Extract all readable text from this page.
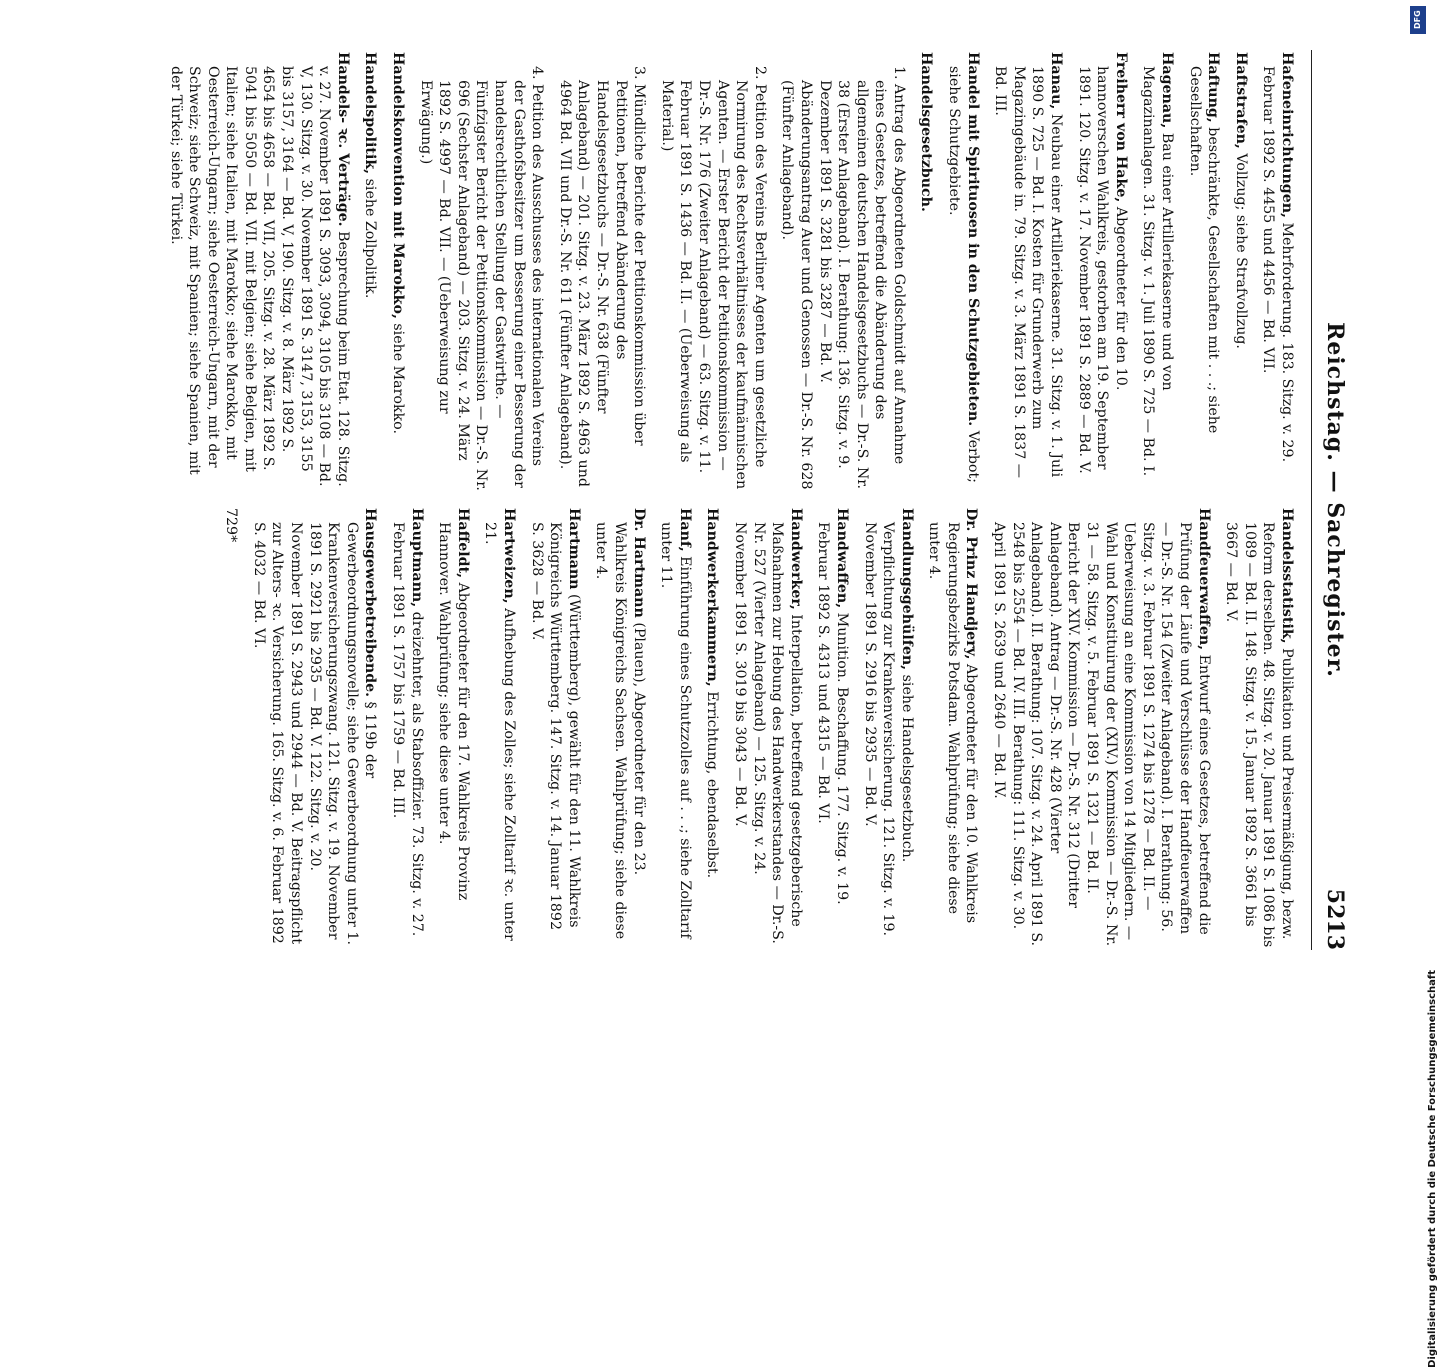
Reichstag. — Sachregister.
5213
Hafeneinrichtungen, Mehrforderung. 183. Sitzg. v. 29. Februar 1892 S. 4455 und 4456 — Bd. VII.
Haftstrafen, Vollzug; siehe Strafvollzug.
Haftung, beschränkte, Gesellschaften mit . . .; siehe Gesellschaften.
Hagenau, Bau einer Artilleriekaserne und von Magazinanlagen. 31. Sitzg. v. 1. Juli 1890 S. 725 — Bd. I.
Freiherr von Hake, Abgeordneter für den 10. hannoverschen Wahlkreis, gestorben am 19. September 1891. 120. Sitzg. v. 17. November 1891 S. 2889 — Bd. V.
Hanau, Neubau einer Artilleriekaserne. 31. Sitzg. v. 1. Juli 1890 S. 725 — Bd. I. Kosten für Grunderwerb zum Magazingebäude in. 79. Sitzg. v. 3. März 1891 S. 1837 — Bd. III.
Handel mit Spirituosen in den Schutzgebieten. Verbot; siehe Schutzgebiete.
Handelsgesetzbuch.
1. Antrag des Abgeordneten Goldschmidt auf Annahme eines Gesetzes, betreffend die Abänderung des allgemeinen deutschen Handelsgesetzbuchs — Dr.-S. Nr. 38 (Erster Anlageband). I. Berathung: 136. Sitzg. v. 9. Dezember 1891 S. 3281 bis 3287 — Bd. V. Abänderungsantrag Auer und Genossen — Dr.-S. Nr. 628 (Fünfter Anlageband).
2. Petition des Vereins Berliner Agenten um gesetzliche Normirung des Rechtsverhältnisses der kaufmännischen Agenten. — Erster Bericht der Petitionskommission — Dr.-S. Nr. 176 (Zweiter Anlageband) — 63. Sitzg. v. 11. Februar 1891 S. 1436 — Bd. II. — (Ueberweisung als Material.)
3. Mündliche Berichte der Petitionskommission über Petitionen, betreffend Abänderung des Handelsgesetzbuchs — Dr.-S. Nr. 638 (Fünfter Anlageband) — 201. Sitzg. v. 23. März 1892 S. 4963 und 4964 Bd. VII und Dr.-S. Nr. 611 (Fünfter Anlageband).
4. Petition des Ausschusses des internationalen Vereins der Gasthofsbesitzer um Besserung einer Besserung der handelsrechtlichen Stellung der Gastwirthe. — Fünfzigster Bericht der Petitionskommission — Dr.-S. Nr. 696 (Sechster Anlageband) — 203. Sitzg. v. 24. März 1892 S. 4997 — Bd. VII. — (Ueberweisung zur Erwägung.)
Handelskonvention mit Marokko, siehe Marokko.
Handelspolitik, siehe Zollpolitik.
Handels- ꝛc. Verträge. Besprechung beim Etat. 128. Sitzg. v. 27. November 1891 S. 3093, 3094, 3105 bis 3108 — Bd. V, 130. Sitzg. v. 30. November 1891 S. 3147, 3153, 3155 bis 3157, 3164 — Bd. V, 190. Sitzg. v. 8. März 1892 S. 4654 bis 4658 — Bd. VII, 205. Sitzg. v. 28. März 1892 S. 5041 bis 5050 — Bd. VII. mit Belgien; siehe Belgien, mit Italien; siehe Italien, mit Marokko; siehe Marokko, mit Oesterreich-Ungarn; siehe Oesterreich-Ungarn, mit der Schweiz; siehe Schweiz, mit Spanien; siehe Spanien, mit der Türkei; siehe Türkei.
Handelsstatistik, Publikation und Preisermäßigung, bezw. Reform derselben. 48. Sitzg. v. 20. Januar 1891 S. 1086 bis 1089 — Bd. II. 148. Sitzg. v. 15. Januar 1892 S. 3661 bis 3667 — Bd. V.
Handfeuerwaffen, Entwurf eines Gesetzes, betreffend die Prüfung der Läufe und Verschlüsse der Handfeuerwaffen — Dr.-S. Nr. 154 (Zweiter Anlageband). I. Berathung: 56. Sitzg. v. 3. Februar 1891 S. 1274 bis 1278 — Bd. II. — Ueberweisung an eine Kommission von 14 Mitgliedern. — Wahl und Konstituirung der (XIV.) Kommission — Dr.-S. Nr. 31 — 58. Sitzg. v. 5. Februar 1891 S. 1321 — Bd. II. Bericht der XIV. Kommission — Dr.-S. Nr. 312 (Dritter Anlageband). Antrag — Dr.-S. Nr. 428 (Vierter Anlageband). II. Berathung: 107. Sitzg. v. 24. April 1891 S. 2548 bis 2554 — Bd. IV. III. Berathung: 111. Sitzg. v. 30. April 1891 S. 2639 und 2640 — Bd. IV.
Dr. Prinz Handjery, Abgeordneter für den 10. Wahlkreis Regierungsbezirks Potsdam. Wahlprüfung; siehe diese unter 4.
Handlungsgehülfen, siehe Handelsgesetzbuch. Verpflichtung zur Krankenversicherung. 121. Sitzg. v. 19. November 1891 S. 2916 bis 2935 — Bd. V.
Handwaffen, Munition. Beschaffung. 177. Sitzg. v. 19. Februar 1892 S. 4313 und 4315 — Bd. VI.
Handwerker, Interpellation, betreffend gesetzgeberische Maßnahmen zur Hebung des Handwerkerstandes — Dr.-S. Nr. 527 (Vierter Anlageband) — 125. Sitzg. v. 24. November 1891 S. 3019 bis 3043 — Bd. V.
Handwerkerkammern, Errichtung, ebendaselbst.
Hanf, Einführung eines Schutzzolles auf . . .; siehe Zolltarif unter 11.
Dr. Hartmann (Plauen), Abgeordneter für den 23. Wahlkreis Königreichs Sachsen. Wahlprüfung; siehe diese unter 4.
Hartmann (Württemberg), gewählt für den 11. Wahlkreis Königreichs Württemberg. 147. Sitzg. v. 14. Januar 1892 S. 3628 — Bd. V.
Hartweizen, Aufhebung des Zolles; siehe Zolltarif ꝛc. unter 21.
Haffeldt, Abgeordneter für den 17. Wahlkreis Provinz Hannover. Wahlprüfung; siehe diese unter 4.
Hauptmann, dreizehnter, als Stabsoffizier. 73. Sitzg. v. 27. Februar 1891 S. 1757 bis 1759 — Bd. III.
Hausgewerbetreibende. § 119b der Gewerbeordnungsnovelle; siehe Gewerbeordnung unter 1. Krankenversicherungszwang. 121. Sitzg. v. 19. November 1891 S. 2921 bis 2935 — Bd. V. 122. Sitzg. v. 20. November 1891 S. 2943 und 2944 — Bd. V. Beitragspflicht zur Alters- ꝛc. Versicherung. 165. Sitzg. v. 6. Februar 1892 S. 4032 — Bd. VI.
729*
Digitalisierung gefördert durch die Deutsche Forschungsgemeinschaft
DFG
